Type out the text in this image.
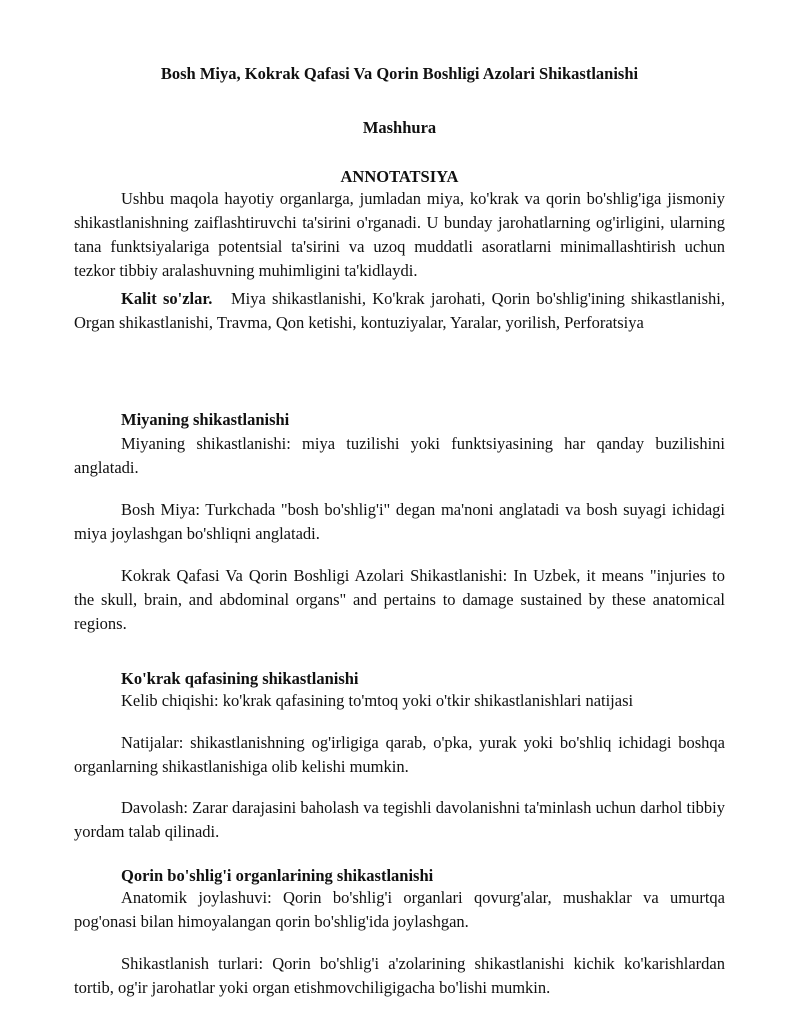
Bosh Miya, Kokrak Qafasi Va Qorin Boshligi Azolari Shikastlanishi
Mashhura
ANNOTATSIYA
Ushbu maqola hayotiy organlarga, jumladan miya, ko'krak va qorin bo'shlig'iga jismoniy shikastlanishning zaiflashtiruvchi ta'sirini o'rganadi. U bunday jarohatlarning og'irligini, ularning tana funktsiyalariga potentsial ta'sirini va uzoq muddatli asoratlarni minimallashtirish uchun tezkor tibbiy aralashuvning muhimligini ta'kidlaydi.
Kalit so'zlar. Miya shikastlanishi, Ko'krak jarohati, Qorin bo'shlig'ining shikastlanishi, Organ shikastlanishi, Travma, Qon ketishi, kontuziyalar, Yaralar, yorilish, Perforatsiya
Miyaning shikastlanishi
Miyaning shikastlanishi: miya tuzilishi yoki funktsiyasining har qanday buzilishini anglatadi.
Bosh Miya: Turkchada "bosh bo'shlig'i" degan ma'noni anglatadi va bosh suyagi ichidagi miya joylashgan bo'shliqni anglatadi.
Kokrak Qafasi Va Qorin Boshligi Azolari Shikastlanishi: In Uzbek, it means "injuries to the skull, brain, and abdominal organs" and pertains to damage sustained by these anatomical regions.
Ko'krak qafasining shikastlanishi
Kelib chiqishi: ko'krak qafasining to'mtoq yoki o'tkir shikastlanishlari natijasi
Natijalar: shikastlanishning og'irligiga qarab, o'pka, yurak yoki bo'shliq ichidagi boshqa organlarning shikastlanishiga olib kelishi mumkin.
Davolash: Zarar darajasini baholash va tegishli davolanishni ta'minlash uchun darhol tibbiy yordam talab qilinadi.
Qorin bo'shlig'i organlarining shikastlanishi
Anatomik joylashuvi: Qorin bo'shlig'i organlari qovurg'alar, mushaklar va umurtqa pog'onasi bilan himoyalangan qorin bo'shlig'ida joylashgan.
Shikastlanish turlari: Qorin bo'shlig'i a'zolarining shikastlanishi kichik ko'karishlardan tortib, og'ir jarohatlar yoki organ etishmovchiligigacha bo'lishi mumkin.
